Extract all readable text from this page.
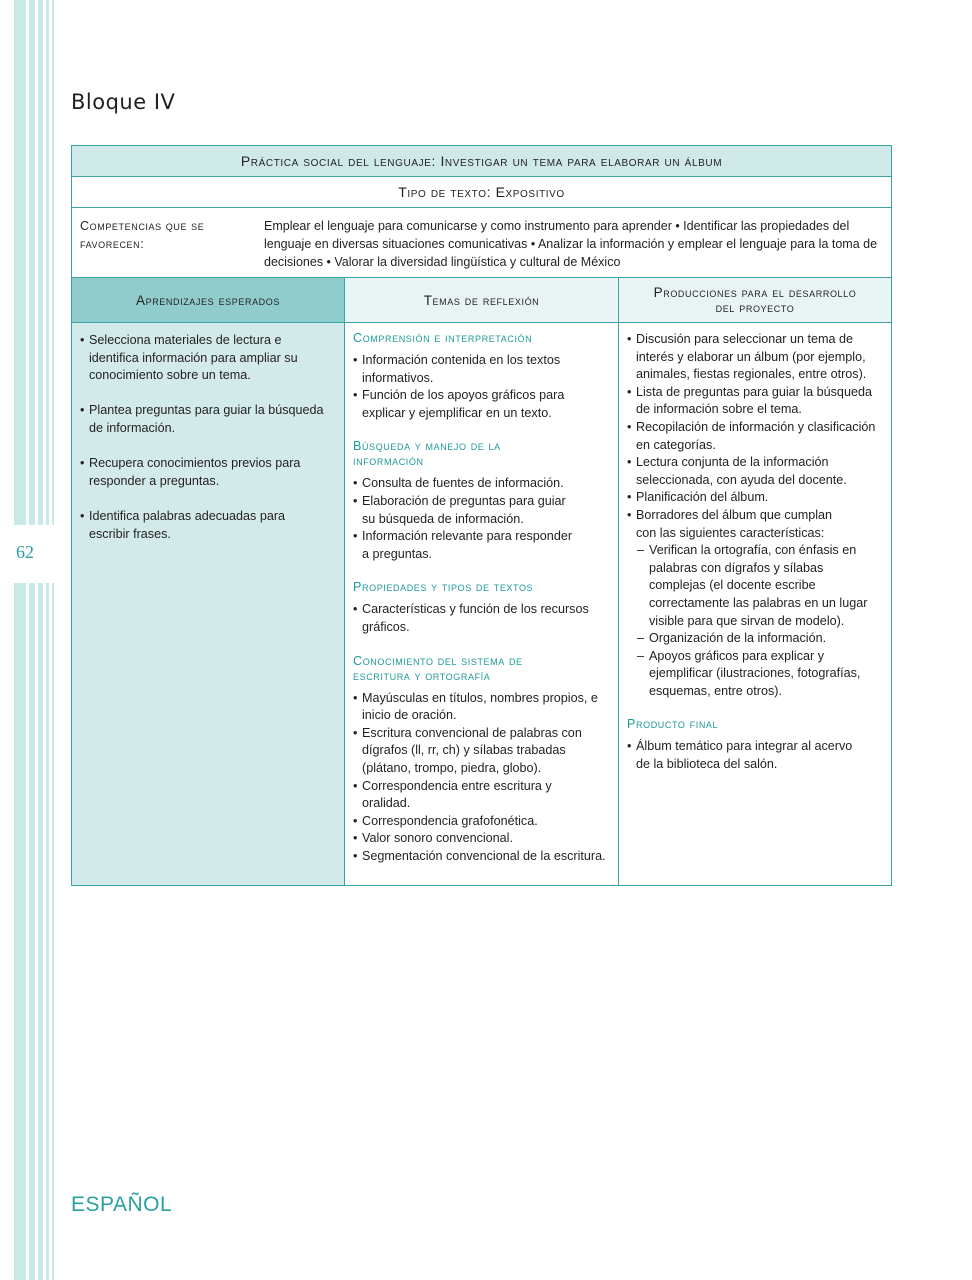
62
Bloque IV
Práctica social del lenguaje: Investigar un tema para elaborar un álbum
Tipo de texto: Expositivo
Competencias que se favorecen:
Emplear el lenguaje para comunicarse y como instrumento para aprender • Identificar las propiedades del lenguaje en diversas situaciones comunicativas • Analizar la información y emplear el lenguaje para la toma de decisiones • Valorar la diversidad lingüística y cultural de México
Aprendizajes esperados	Temas de reflexión	Producciones para el desarrollo del proyecto
• Selecciona materiales de lectura e identifica información para ampliar su conocimiento sobre un tema.
• Plantea preguntas para guiar la búsqueda de información.
• Recupera conocimientos previos para responder a preguntas.
• Identifica palabras adecuadas para escribir frases.
Comprensión e interpretación
• Información contenida en los textos informativos.
• Función de los apoyos gráficos para explicar y ejemplificar en un texto.
Búsqueda y manejo de la información
• Consulta de fuentes de información.
• Elaboración de preguntas para guiar su búsqueda de información.
• Información relevante para responder a preguntas.
Propiedades y tipos de textos
• Características y función de los recursos gráficos.
Conocimiento del sistema de escritura y ortografía
• Mayúsculas en títulos, nombres propios, e inicio de oración.
• Escritura convencional de palabras con dígrafos (ll, rr, ch) y sílabas trabadas (plátano, trompo, piedra, globo).
• Correspondencia entre escritura y oralidad.
• Correspondencia grafofonética.
• Valor sonoro convencional.
• Segmentación convencional de la escritura.
• Discusión para seleccionar un tema de interés y elaborar un álbum (por ejemplo, animales, fiestas regionales, entre otros).
• Lista de preguntas para guiar la búsqueda de información sobre el tema.
• Recopilación de información y clasificación en categorías.
• Lectura conjunta de la información seleccionada, con ayuda del docente.
• Planificación del álbum.
• Borradores del álbum que cumplan con las siguientes características:
– Verifican la ortografía, con énfasis en palabras con dígrafos y sílabas complejas (el docente escribe correctamente las palabras en un lugar visible para que sirvan de modelo).
– Organización de la información.
– Apoyos gráficos para explicar y ejemplificar (ilustraciones, fotografías, esquemas, entre otros).
Producto final
• Álbum temático para integrar al acervo de la biblioteca del salón.
ESPAÑOL
